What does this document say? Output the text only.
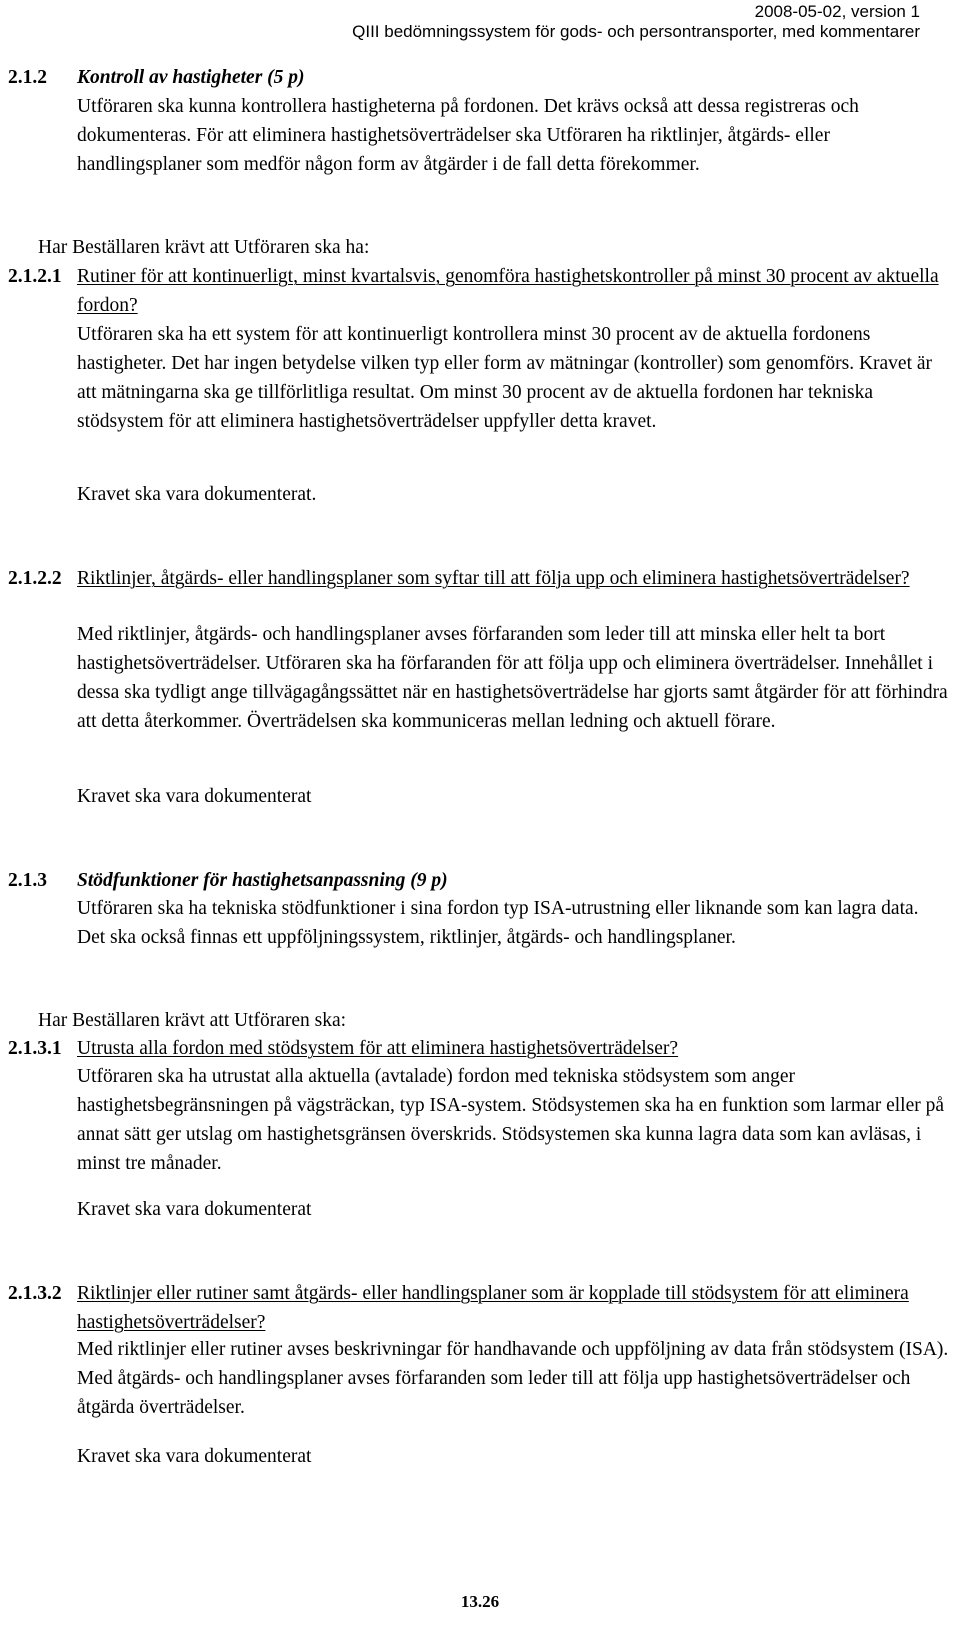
2008-05-02, version 1
QIII bedömningssystem för gods- och persontransporter, med kommentarer
2.1.2 Kontroll av hastigheter (5 p)
Utföraren ska kunna kontrollera hastigheterna på fordonen. Det krävs också att dessa registreras och dokumenteras. För att eliminera hastighetsöverträdelser ska Utföraren ha riktlinjer, åtgärds- eller handlingsplaner som medför någon form av åtgärder i de fall detta förekommer.
Har Beställaren krävt att Utföraren ska ha:
2.1.2.1 Rutiner för att kontinuerligt, minst kvartalsvis, genomföra hastighetskontroller på minst 30 procent av aktuella fordon?
Utföraren ska ha ett system för att kontinuerligt kontrollera minst 30 procent av de aktuella fordonens hastigheter. Det har ingen betydelse vilken typ eller form av mätningar (kontroller) som genomförs. Kravet är att mätningarna ska ge tillförlitliga resultat. Om minst 30 procent av de aktuella fordonen har tekniska stödsystem för att eliminera hastighetsöverträdelser uppfyller detta kravet.
Kravet ska vara dokumenterat.
2.1.2.2 Riktlinjer, åtgärds- eller handlingsplaner som syftar till att följa upp och eliminera hastighetsöverträdelser?
Med riktlinjer, åtgärds- och handlingsplaner avses förfaranden som leder till att minska eller helt ta bort hastighetsöverträdelser. Utföraren ska ha förfaranden för att följa upp och eliminera överträdelser. Innehållet i dessa ska tydligt ange tillvägagångssättet när en hastighetsöverträdelse har gjorts samt åtgärder för att förhindra att detta återkommer. Överträdelsen ska kommuniceras mellan ledning och aktuell förare.
Kravet ska vara dokumenterat
2.1.3 Stödfunktioner för hastighetsanpassning (9 p)
Utföraren ska ha tekniska stödfunktioner i sina fordon typ ISA-utrustning eller liknande som kan lagra data. Det ska också finnas ett uppföljningssystem, riktlinjer, åtgärds- och handlingsplaner.
Har Beställaren krävt att Utföraren ska:
2.1.3.1 Utrusta alla fordon med stödsystem för att eliminera hastighetsöverträdelser?
Utföraren ska ha utrustat alla aktuella (avtalade) fordon med tekniska stödsystem som anger hastighetsbegränsningen på vägsträckan, typ ISA-system. Stödsystemen ska ha en funktion som larmar eller på annat sätt ger utslag om hastighetsgränsen överskrids. Stödsystemen ska kunna lagra data som kan avläsas, i minst tre månader.
Kravet ska vara dokumenterat
2.1.3.2 Riktlinjer eller rutiner samt åtgärds- eller handlingsplaner som är kopplade till stödsystem för att eliminera hastighetsöverträdelser?
Med riktlinjer eller rutiner avses beskrivningar för handhavande och uppföljning av data från stödsystem (ISA). Med åtgärds- och handlingsplaner avses förfaranden som leder till att följa upp hastighetsöverträdelser och åtgärda överträdelser.
Kravet ska vara dokumenterat
13.26
